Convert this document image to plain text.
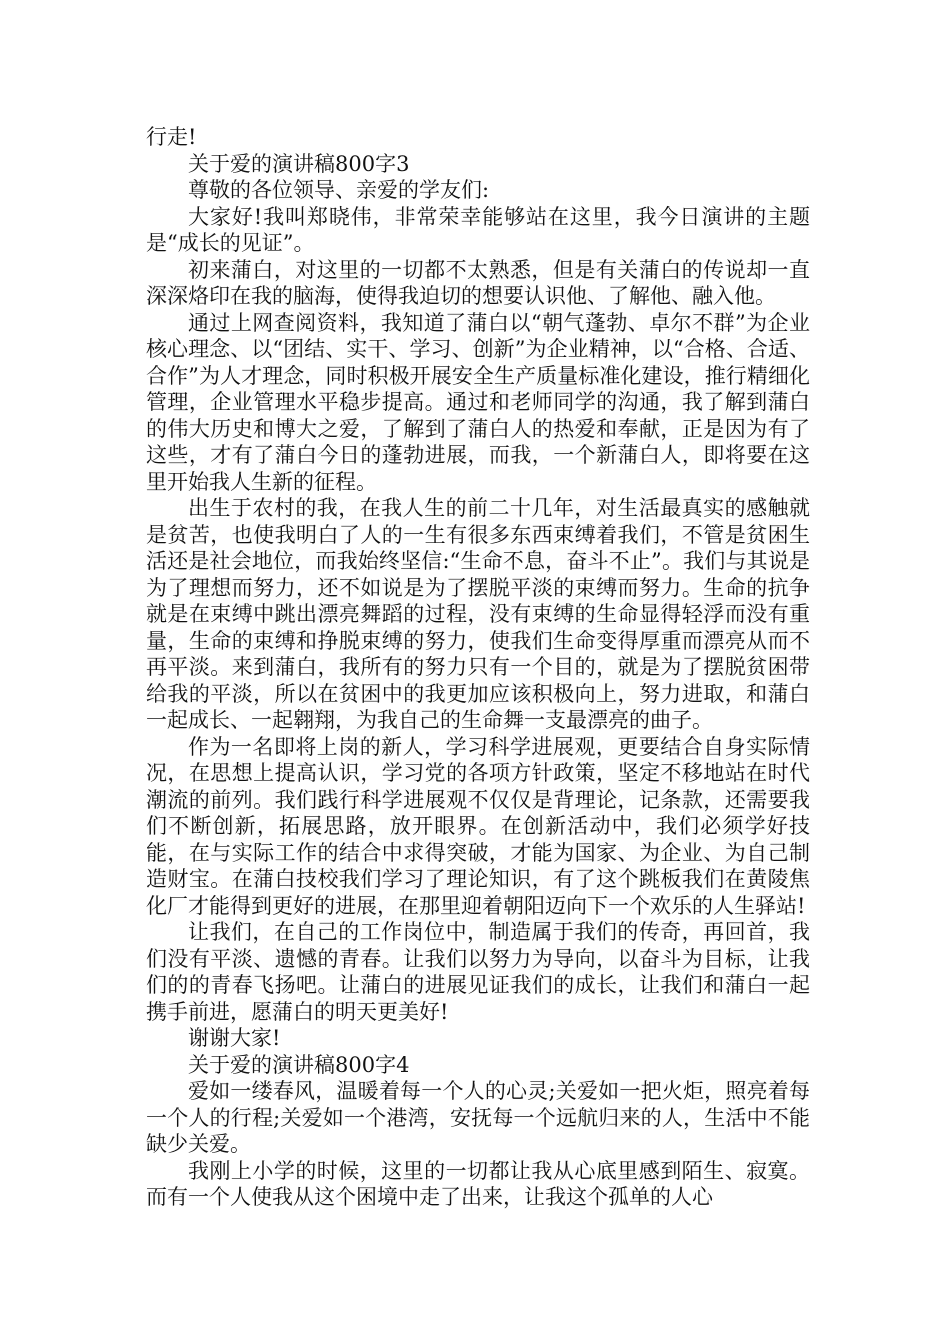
行走!

关于爱的演讲稿800字3

尊敬的各位领导、亲爱的学友们:

大家好!我叫郑晓伟，非常荣幸能够站在这里，我今日演讲的主题是“成长的见证”。

初来蒲白，对这里的一切都不太熟悉，但是有关蒲白的传说却一直深深烙印在我的脑海，使得我迫切的想要认识他、了解他、融入他。

通过上网查阅资料，我知道了蒲白以“朝气蓬勃、卓尔不群”为企业核心理念、以“团结、实干、学习、创新”为企业精神，以“合格、合适、合作”为人才理念，同时积极开展安全生产质量标准化建设，推行精细化管理，企业管理水平稳步提高。通过和老师同学的沟通，我了解到蒲白的伟大历史和博大之爱，了解到了蒲白人的热爱和奉献，正是因为有了这些，才有了蒲白今日的蓬勃进展，而我，一个新蒲白人，即将要在这里开始我人生新的征程。

出生于农村的我，在我人生的前二十几年，对生活最真实的感触就是贫苦，也使我明白了人的一生有很多东西束缚着我们，不管是贫困生活还是社会地位，而我始终坚信:“生命不息，奋斗不止”。我们与其说是为了理想而努力，还不如说是为了摆脱平淡的束缚而努力。生命的抗争就是在束缚中跳出漂亮舞蹈的过程，没有束缚的生命显得轻浮而没有重量，生命的束缚和挣脱束缚的努力，使我们生命变得厚重而漂亮从而不再平淡。来到蒲白，我所有的努力只有一个目的，就是为了摆脱贫困带给我的平淡，所以在贫困中的我更加应该积极向上，努力进取，和蒲白一起成长、一起翱翔，为我自己的生命舞一支最漂亮的曲子。

作为一名即将上岗的新人，学习科学进展观，更要结合自身实际情况，在思想上提高认识，学习党的各项方针政策，坚定不移地站在时代潮流的前列。我们践行科学进展观不仅仅是背理论，记条款，还需要我们不断创新，拓展思路，放开眼界。在创新活动中，我们必须学好技能，在与实际工作的结合中求得突破，才能为国家、为企业、为自己制造财宝。在蒲白技校我们学习了理论知识，有了这个跳板我们在黄陵焦化厂才能得到更好的进展，在那里迎着朝阳迈向下一个欢乐的人生驿站!

让我们，在自己的工作岗位中，制造属于我们的传奇，再回首，我们没有平淡、遗憾的青春。让我们以努力为导向，以奋斗为目标，让我们的的青春飞扬吧。让蒲白的进展见证我们的成长，让我们和蒲白一起携手前进，愿蒲白的明天更美好!

谢谢大家!

关于爱的演讲稿800字4

爱如一缕春风，温暖着每一个人的心灵;关爱如一把火炬，照亮着每一个人的行程;关爱如一个港湾，安抚每一个远航归来的人，生活中不能缺少关爱。

我刚上小学的时候，这里的一切都让我从心底里感到陌生、寂寞。而有一个人使我从这个困境中走了出来，让我这个孤单的人心
